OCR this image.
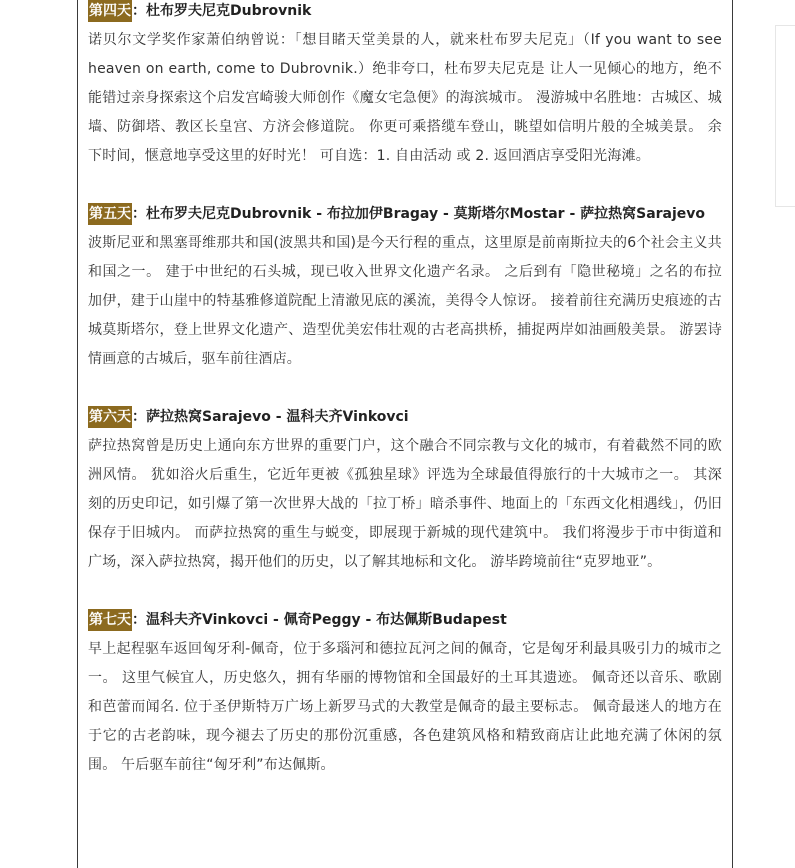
第四天：杜布罗夫尼克Dubrovnik

诺贝尔文学奖作家萧伯纳曾说：「想目睹天堂美景的人，就来杜布罗夫尼克」（If you want to see heaven on earth, come to Dubrovnik.）绝非夸口，杜布罗夫尼克是 让人一见倾心的地方，绝不能错过亲身探索这个启发宫崎骏大师创作《魔女宅急便》的海滨城市。 漫游城中名胜地：古城区、城墙、防御塔、教区长皇宫、方济会修道院。 你更可乘搭缆车登山，眺望如信明片般的全城美景。 余下时间，惬意地享受这里的好时光！ 可自选：1. 自由活动 或 2. 返回酒店享受阳光海滩。

第五天：杜布罗夫尼克Dubrovnik - 布拉加伊Bragay - 莫斯塔尔Mostar - 萨拉热窝Sarajevo

波斯尼亚和黑塞哥维那共和国(波黑共和国)是今天行程的重点，这里原是前南斯拉夫的6个社会主义共和国之一。 建于中世纪的石头城，现已收入世界文化遗产名录。 之后到有「隐世秘境」之名的布拉加伊，建于山崖中的特基雅修道院配上清澈见底的溪流，美得令人惊讶。 接着前往充满历史痕迹的古城莫斯塔尔，登上世界文化遗产、造型优美宏伟壮观的古老高拱桥，捕捉两岸如油画般美景。 游罢诗情画意的古城后，驱车前往酒店。

第六天：萨拉热窝Sarajevo - 温科夫齐Vinkovci

萨拉热窝曾是历史上通向东方世界的重要门户，这个融合不同宗教与文化的城市，有着截然不同的欧洲风情。 犹如浴火后重生，它近年更被《孤独星球》评选为全球最值得旅行的十大城市之一。 其深刻的历史印记，如引爆了第一次世界大战的「拉丁桥」暗杀事件、地面上的「东西文化相遇线」，仍旧保存于旧城内。 而萨拉热窝的重生与蜕变，即展现于新城的现代建筑中。 我们将漫步于市中街道和广场，深入萨拉热窝，揭开他们的历史，以了解其地标和文化。 游毕跨境前往“克罗地亚”。

第七天：温科夫齐Vinkovci - 佩奇Peggy - 布达佩斯Budapest

早上起程驱车返回匈牙利-佩奇，位于多瑙河和德拉瓦河之间的佩奇，它是匈牙利最具吸引力的城市之一。 这里气候宜人，历史悠久，拥有华丽的博物馆和全国最好的土耳其遗迹。 佩奇还以音乐、歌剧和芭蕾而闻名. 位于圣伊斯特万广场上新罗马式的大教堂是佩奇的最主要标志。 佩奇最迷人的地方在于它的古老韵味，现今褪去了历史的那份沉重感，各色建筑风格和精致商店让此地充满了休闲的氛围。 午后驱车前往“匈牙利”布达佩斯。
